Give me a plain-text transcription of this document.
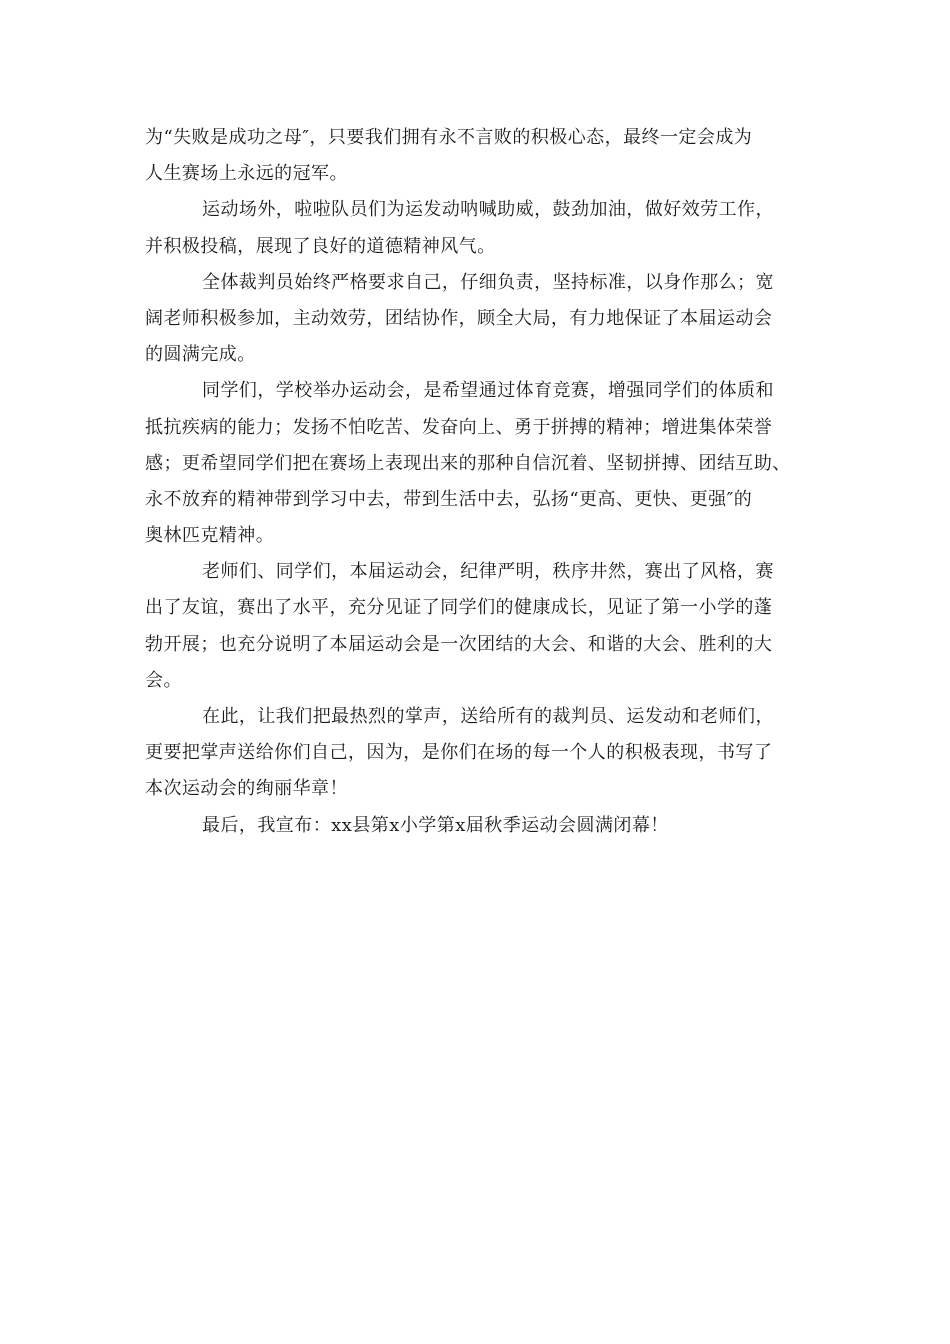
为“失败是成功之母″，只要我们拥有永不言败的积极心态，最终一定会成为
人生赛场上永远的冠军。
运动场外，啦啦队员们为运发动呐喊助威，鼓劲加油，做好效劳工作，
并积极投稿，展现了良好的道德精神风气。
全体裁判员始终严格要求自己，仔细负责，坚持标准，以身作那么；宽
阔老师积极参加，主动效劳，团结协作，顾全大局，有力地保证了本届运动会
的圆满完成。
同学们，学校举办运动会，是希望通过体育竞赛，增强同学们的体质和
抵抗疾病的能力；发扬不怕吃苦、发奋向上、勇于拼搏的精神；增进集体荣誉
感；更希望同学们把在赛场上表现出来的那种自信沉着、坚韧拼搏、团结互助、
永不放弃的精神带到学习中去，带到生活中去，弘扬“更高、更快、更强″的
奥林匹克精神。
老师们、同学们，本届运动会，纪律严明，秩序井然，赛出了风格，赛
出了友谊，赛出了水平，充分见证了同学们的健康成长，见证了第一小学的蓬
勃开展；也充分说明了本届运动会是一次团结的大会、和谐的大会、胜利的大
会。
在此，让我们把最热烈的掌声，送给所有的裁判员、运发动和老师们，
更要把掌声送给你们自己，因为，是你们在场的每一个人的积极表现，书写了
本次运动会的绚丽华章！
最后，我宣布：xx县第x小学第x届秋季运动会圆满闭幕！
